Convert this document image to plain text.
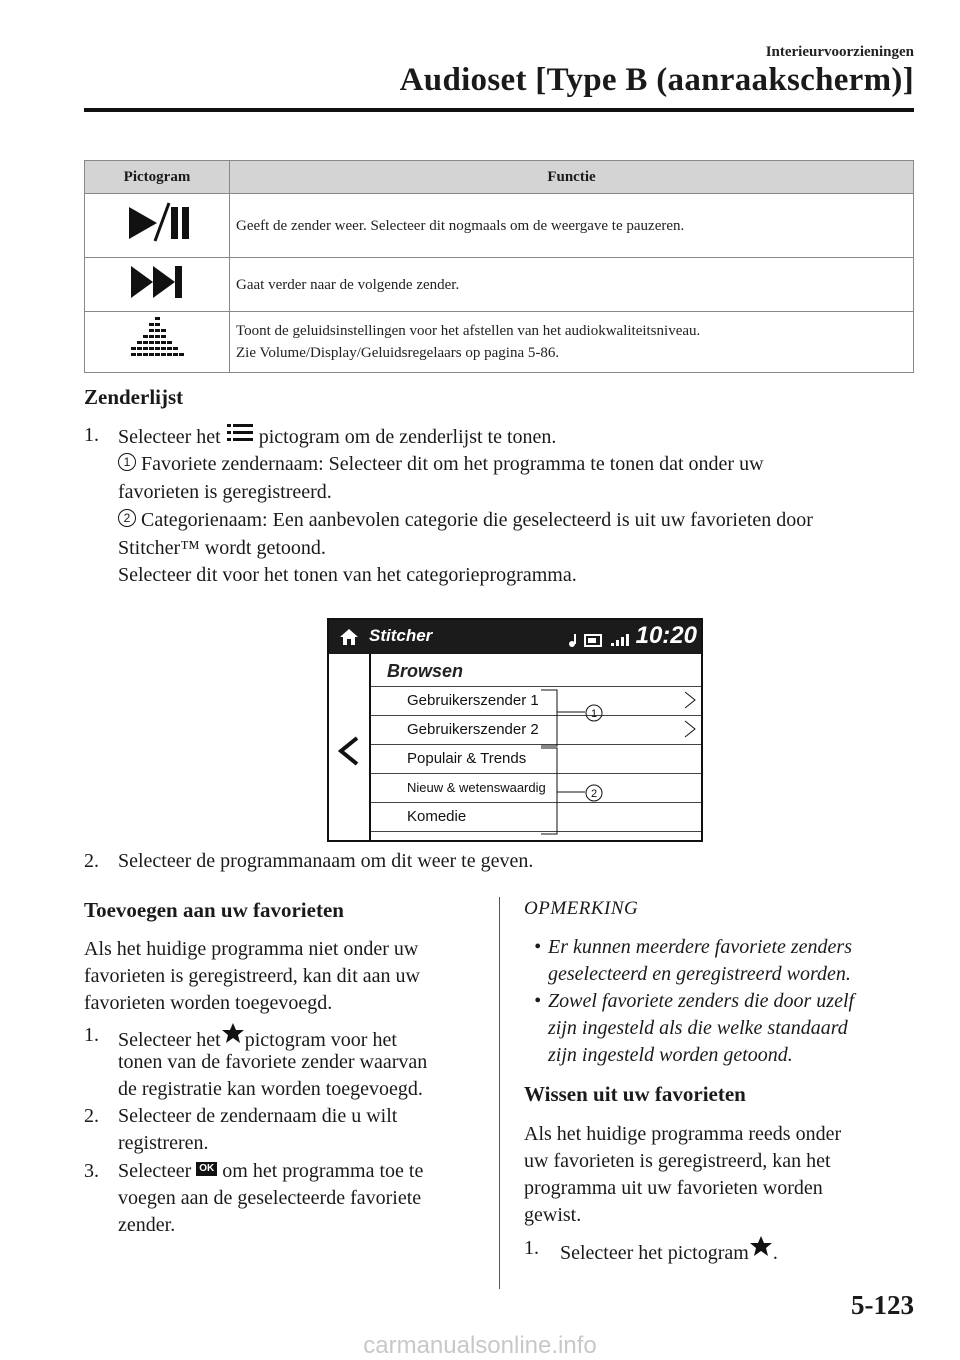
Interieurvoorzieningen
Audioset [Type B (aanraakscherm)]
Pictogram	Functie
	Geeft de zender weer. Selecteer dit nogmaals om de weergave te pauzeren.
	Gaat verder naar de volgende zender.
	Toont de geluidsinstellingen voor het afstellen van het audiokwaliteitsniveau.
Zie Volume/Display/Geluidsregelaars op pagina 5-86.
Zenderlijst
1. Selecteer het pictogram om de zenderlijst te tonen.
1 Favoriete zendernaam: Selecteer dit om het programma te tonen dat onder uw
favorieten is geregistreerd.
2 Categorienaam: Een aanbevolen categorie die geselecteerd is uit uw favorieten door
Stitcher™ wordt getoond.
Selecteer dit voor het tonen van het categorieprogramma.
Stitcher	10:20
Browsen
Gebruikerszender 1
Gebruikerszender 2
Populair & Trends
Nieuw & wetenswaardig
Komedie
1
2
2. Selecteer de programmanaam om dit weer te geven.
Toevoegen aan uw favorieten
Als het huidige programma niet onder uw
favorieten is geregistreerd, kan dit aan uw
favorieten worden toegevoegd.
1. Selecteer het pictogram voor het
tonen van de favoriete zender waarvan
de registratie kan worden toegevoegd.
2. Selecteer de zendernaam die u wilt
registreren.
3. Selecteer OK om het programma toe te
voegen aan de geselecteerde favoriete
zender.
OPMERKING
• Er kunnen meerdere favoriete zenders
geselecteerd en geregistreerd worden.
• Zowel favoriete zenders die door uzelf
zijn ingesteld als die welke standaard
zijn ingesteld worden getoond.
Wissen uit uw favorieten
Als het huidige programma reeds onder
uw favorieten is geregistreerd, kan het
programma uit uw favorieten worden
gewist.
1. Selecteer het pictogram .
5-123
carmanualsonline.info
